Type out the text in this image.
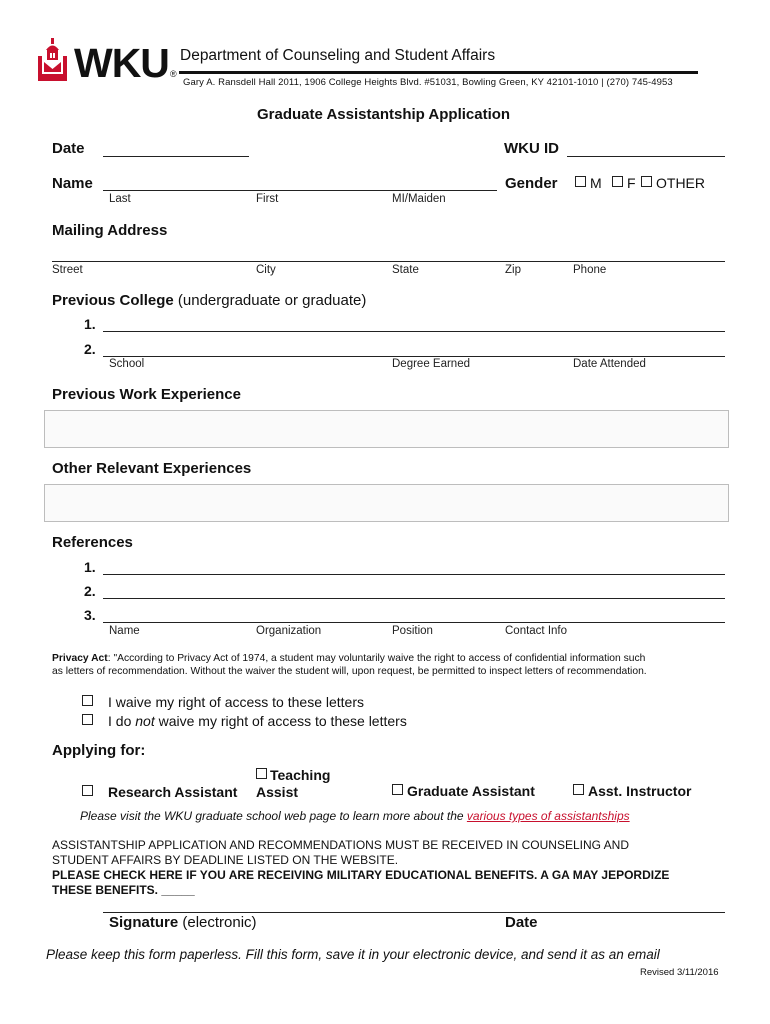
WKU ®
Department of Counseling and Student Affairs
Gary A. Ransdell Hall 2011, 1906 College Heights Blvd. #51031, Bowling Green, KY 42101-1010 | (270) 745-4953
Graduate Assistantship Application
Date	WKU ID
Name
Last	First	MI/Maiden
Gender	M	F	OTHER
Mailing Address
Street	City	State	Zip	Phone
Previous College (undergraduate or graduate)
1.
2.
School	Degree Earned	Date Attended
Previous Work Experience
Other Relevant Experiences
References
1.
2.
3.
Name	Organization	Position	Contact Info
Privacy Act: "According to Privacy Act of 1974, a student may voluntarily waive the right to access of confidential information such
as letters of recommendation. Without the waiver the student will, upon request, be permitted to inspect letters of recommendation.
I waive my right of access to these letters
I do not waive my right of access to these letters
Applying for:
Research Assistant
Teaching
Assist	Graduate Assistant	Asst. Instructor
Please visit the WKU graduate school web page to learn more about the various types of assistantships
ASSISTANTSHIP APPLICATION AND RECOMMENDATIONS MUST BE RECEIVED IN COUNSELING AND
STUDENT AFFAIRS BY DEADLINE LISTED ON THE WEBSITE.
PLEASE CHECK HERE IF YOU ARE RECEIVING MILITARY EDUCATIONAL BENEFITS. A GA MAY JEPORDIZE
THESE BENEFITS. _____
Signature (electronic)	Date
Please keep this form paperless. Fill this form, save it in your electronic device, and send it as an email
Revised 3/11/2016
